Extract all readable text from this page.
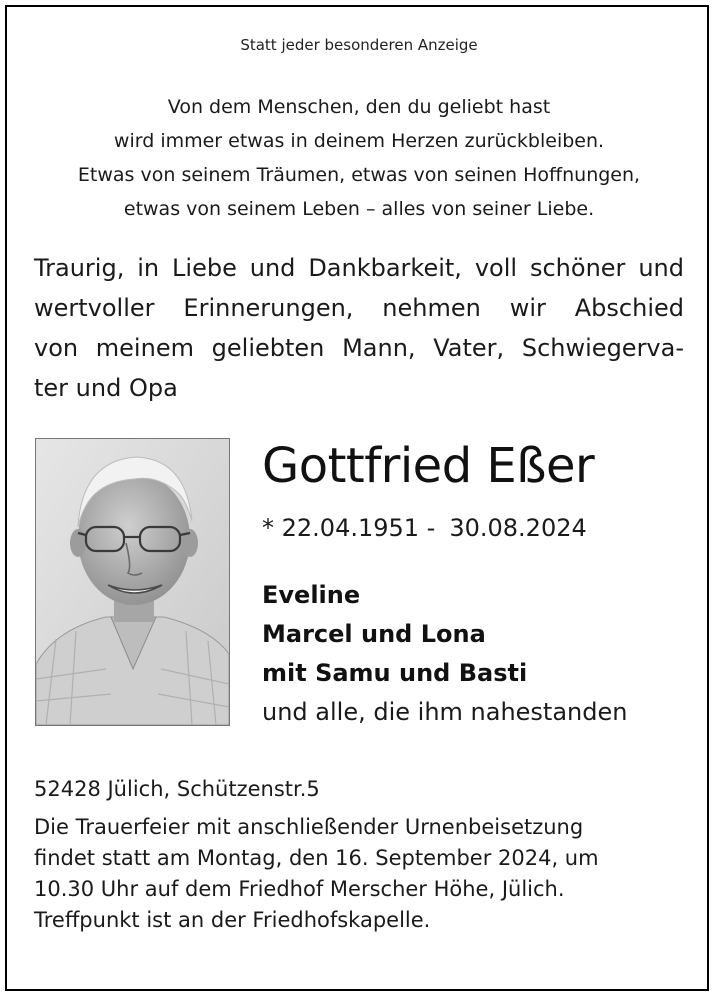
Statt jeder besonderen Anzeige
Von dem Menschen, den du geliebt hast
wird immer etwas in deinem Herzen zurückbleiben.
Etwas von seinem Träumen, etwas von seinen Hoffnungen,
etwas von seinem Leben – alles von seiner Liebe.
Traurig, in Liebe und Dankbarkeit, voll schöner und
wertvoller Erinnerungen, nehmen wir Abschied
von meinem geliebten Mann, Vater, Schwiegerva-
ter und Opa
Gottfried Eßer
* 22.04.1951 - 30.08.2024
Eveline
Marcel und Lona
mit Samu und Basti
und alle, die ihm nahestanden
52428 Jülich, Schützenstr.5
Die Trauerfeier mit anschließender Urnenbeisetzung
findet statt am Montag, den 16. September 2024, um
10.30 Uhr auf dem Friedhof Merscher Höhe, Jülich.
Treffpunkt ist an der Friedhofskapelle.
